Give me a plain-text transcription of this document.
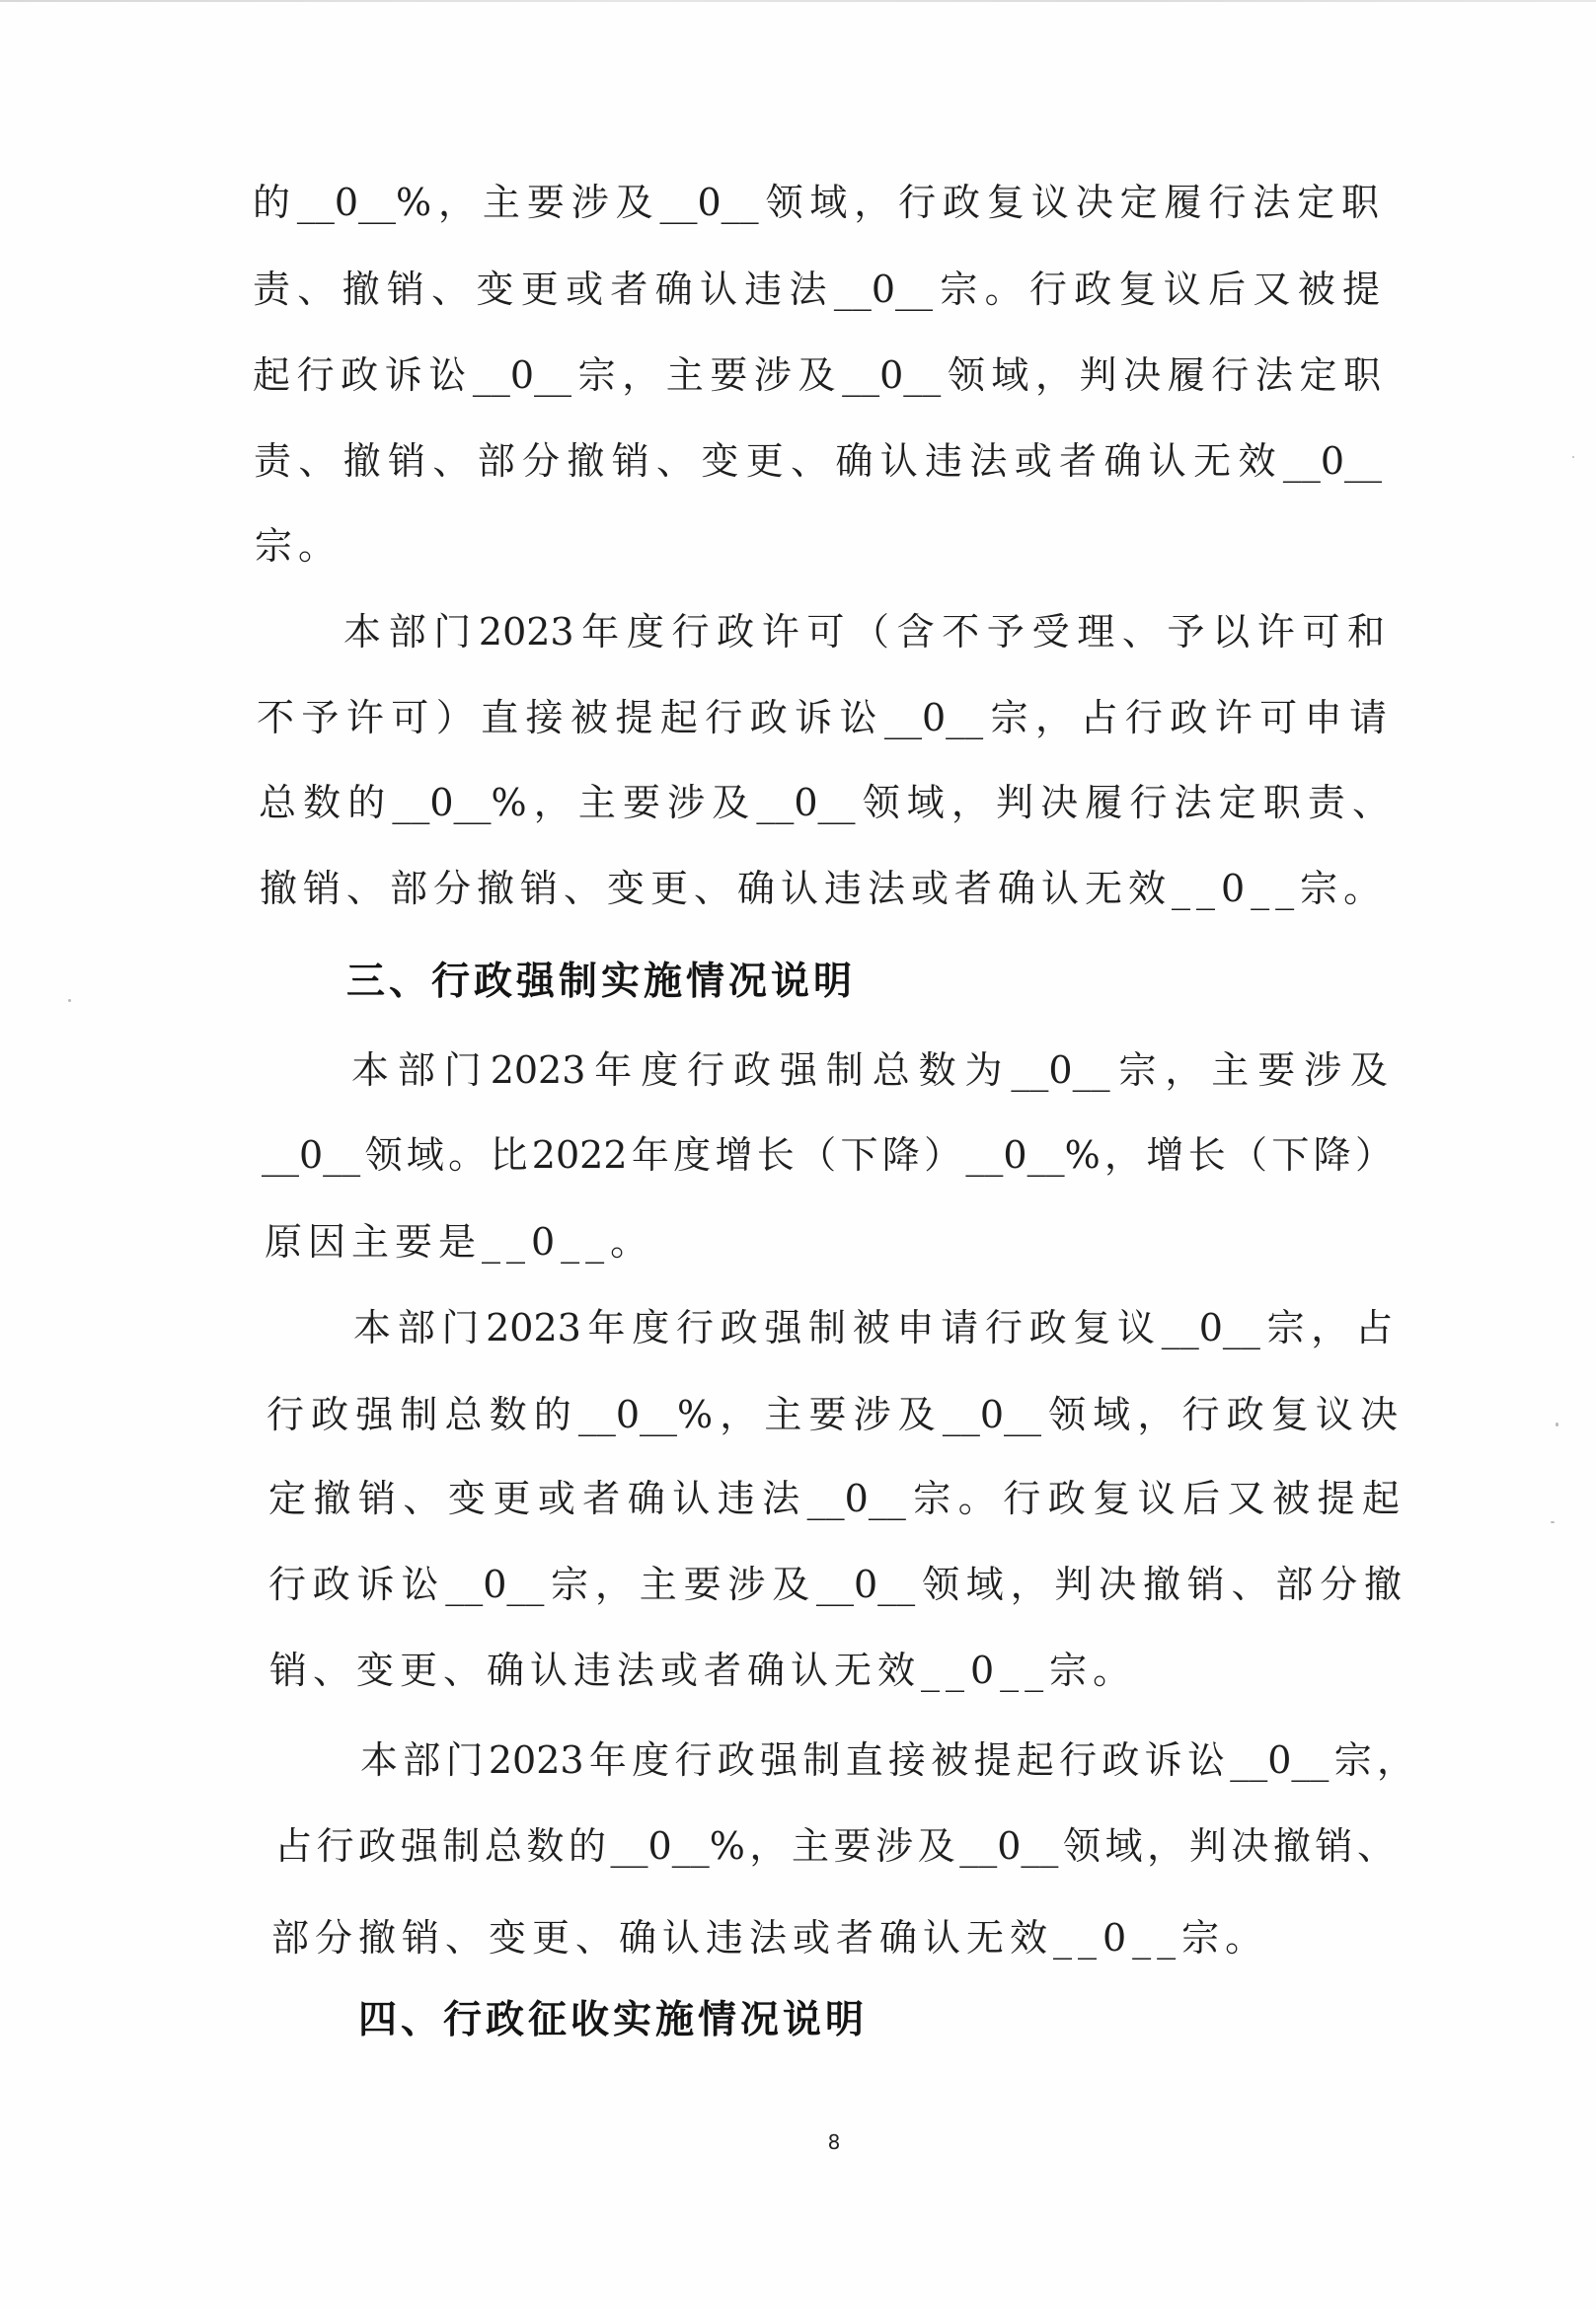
的__0__%，主要涉及__0__领域，行政复议决定履行法定职
责、撤销、变更或者确认违法__0__宗。行政复议后又被提
起行政诉讼__0__宗，主要涉及__0__领域，判决履行法定职
责、撤销、部分撤销、变更、确认违法或者确认无效__0__
宗。
本部门2023年度行政许可（含不予受理、予以许可和
不予许可）直接被提起行政诉讼__0__宗，占行政许可申请
总数的__0__%，主要涉及__0__领域，判决履行法定职责、
撤销、部分撤销、变更、确认违法或者确认无效__0__宗。
三、行政强制实施情况说明
本部门2023年度行政强制总数为__0__宗，主要涉及
__0__领域。比2022年度增长（下降）__0__%，增长（下降）
原因主要是__0__。
本部门2023年度行政强制被申请行政复议__0__宗，占
行政强制总数的__0__%，主要涉及__0__领域，行政复议决
定撤销、变更或者确认违法__0__宗。行政复议后又被提起
行政诉讼__0__宗，主要涉及__0__领域，判决撤销、部分撤
销、变更、确认违法或者确认无效__0__宗。
本部门2023年度行政强制直接被提起行政诉讼__0__宗，
占行政强制总数的__0__%，主要涉及__0__领域，判决撤销、
部分撤销、变更、确认违法或者确认无效__0__宗。
四、行政征收实施情况说明
8
